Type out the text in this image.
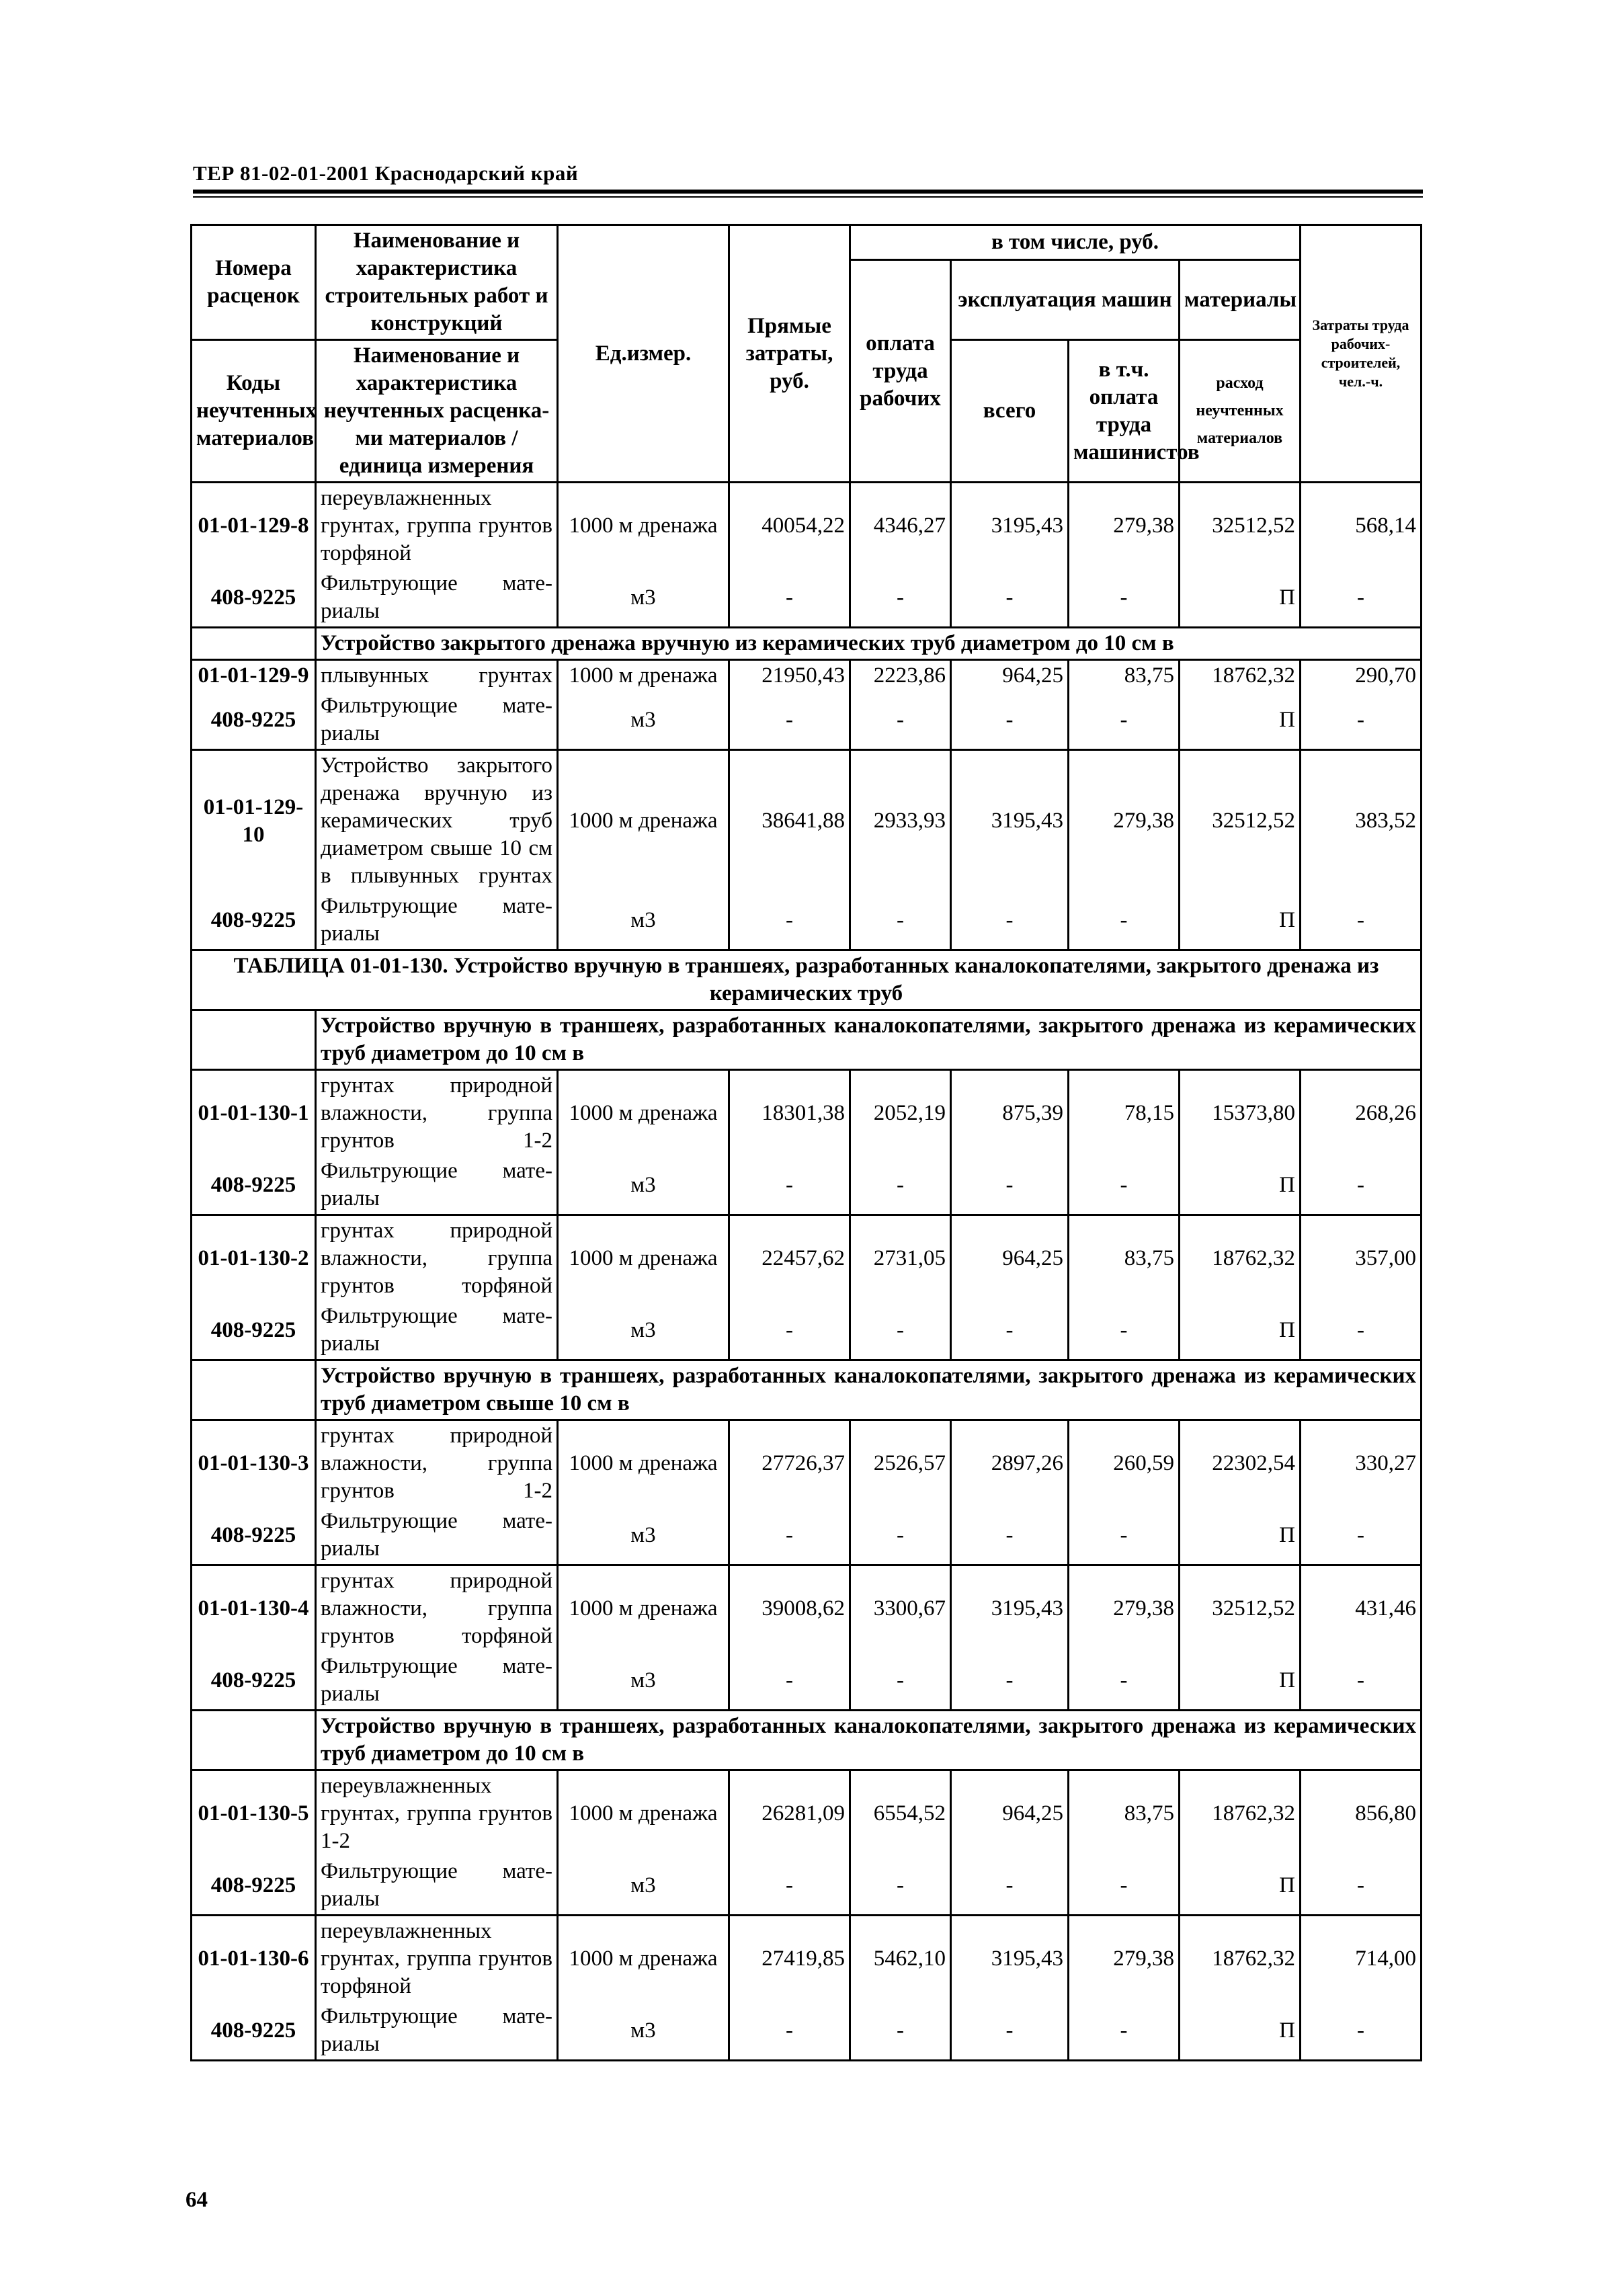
ТЕР 81-02-01-2001 Краснодарский край
Номера расценок	Наименование и характеристика строительных работ и конструкций	Ед.измер.	Прямые затраты, руб.	в том числе, руб.				Затраты труда рабочих-строителей, чел.-ч.
				оплата труда рабочих	эксплуатация машин		материалы	
Коды неучтенных материалов	Наименование и характеристика неучтенных расценка-ми материалов / единица измерения				всего	в т.ч. оплата труда машинистов	расход неучтенных материалов	

01-01-129-8	переувлажненных грунтах, группа грунтов торфяной	1000 м дренажа	40054,22	4346,27	3195,43	279,38	32512,52	568,14
408-9225	Фильтрующие мате-риалы	м3	-	-	-	-	П	-
	Устройство закрытого дренажа вручную из керамических труб диаметром до 10 см в							
01-01-129-9	плывунных грунтах	1000 м дренажа	21950,43	2223,86	964,25	83,75	18762,32	290,70
408-9225	Фильтрующие мате-риалы	м3	-	-	-	-	П	-
01-01-129-10	Устройство закрытого дренажа вручную из керамических труб диаметром свыше 10 см в плывунных грунтах	1000 м дренажа	38641,88	2933,93	3195,43	279,38	32512,52	383,52
408-9225	Фильтрующие мате-риалы	м3	-	-	-	-	П	-
ТАБЛИЦА 01-01-130. Устройство вручную в траншеях, разработанных каналокопателями, закрытого дренажа из керамических труб								
	Устройство вручную в траншеях, разработанных каналокопателями, закрытого дренажа из керамических труб диаметром до 10 см в							
01-01-130-1	грунтах природной влажности, группа грунтов 1-2	1000 м дренажа	18301,38	2052,19	875,39	78,15	15373,80	268,26
408-9225	Фильтрующие мате-риалы	м3	-	-	-	-	П	-
01-01-130-2	грунтах природной влажности, группа грунтов торфяной	1000 м дренажа	22457,62	2731,05	964,25	83,75	18762,32	357,00
408-9225	Фильтрующие мате-риалы	м3	-	-	-	-	П	-
	Устройство вручную в траншеях, разработанных каналокопателями, закрытого дренажа из керамических труб диаметром свыше 10 см в							
01-01-130-3	грунтах природной влажности, группа грунтов 1-2	1000 м дренажа	27726,37	2526,57	2897,26	260,59	22302,54	330,27
408-9225	Фильтрующие мате-риалы	м3	-	-	-	-	П	-
01-01-130-4	грунтах природной влажности, группа грунтов торфяной	1000 м дренажа	39008,62	3300,67	3195,43	279,38	32512,52	431,46
408-9225	Фильтрующие мате-риалы	м3	-	-	-	-	П	-
	Устройство вручную в траншеях, разработанных каналокопателями, закрытого дренажа из керамических труб диаметром до 10 см в							
01-01-130-5	переувлажненных грунтах, группа грунтов 1-2	1000 м дренажа	26281,09	6554,52	964,25	83,75	18762,32	856,80
408-9225	Фильтрующие мате-риалы	м3	-	-	-	-	П	-
01-01-130-6	переувлажненных грунтах, группа грунтов торфяной	1000 м дренажа	27419,85	5462,10	3195,43	279,38	18762,32	714,00
408-9225	Фильтрующие мате-риалы	м3	-	-	-	-	П	-
64
